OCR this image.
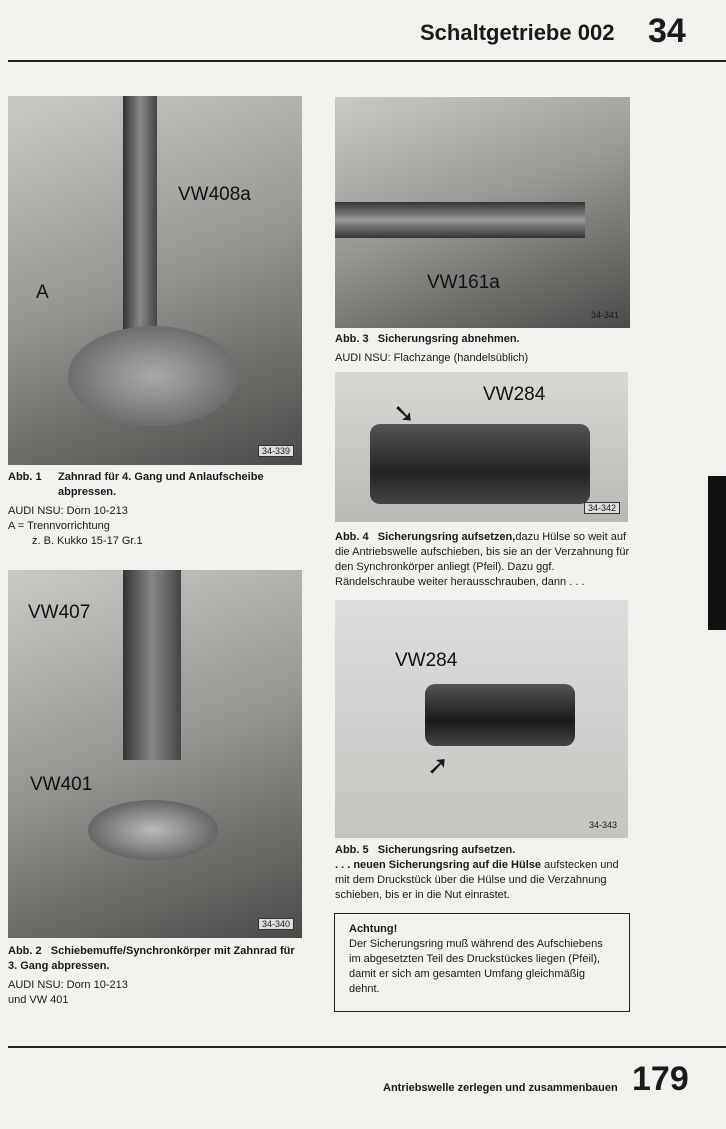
Schaltgetriebe 002 34
VW408a
A
34-339
Abb. 1	Zahnrad für 4. Gang und Anlaufscheibe abpressen.
AUDI NSU: Dorn 10-213
A = Trennvorrichtung
z. B. Kukko 15-17 Gr.1
VW407
VW401
34-340
Abb. 2 Schiebemuffe/Synchronkörper mit Zahnrad für 3. Gang abpressen.
AUDI NSU: Dorn 10-213
und VW 401
VW161a
34-341
Abb. 3 Sicherungsring abnehmen.
AUDI NSU: Flachzange (handelsüblich)
VW284
➘
34-342
Abb. 4 Sicherungsring aufsetzen,dazu Hülse so weit auf die Antriebswelle aufschieben, bis sie an der Verzahnung für den Synchronkörper anliegt (Pfeil). Dazu ggf. Rändelschraube weiter herausschrauben, dann . . .
VW284
➚
34-343
Abb. 5 Sicherungsring aufsetzen.
. . . neuen Sicherungsring auf die Hülse aufstecken und mit dem Druckstück über die Hülse und die Verzahnung schieben, bis er in die Nut einrastet.
Achtung!
Der Sicherungsring muß während des Aufschiebens im abgesetzten Teil des Druckstückes liegen (Pfeil), damit er sich am gesamten Umfang gleichmäßig dehnt.
Antriebswelle zerlegen und zusammenbauen 179
